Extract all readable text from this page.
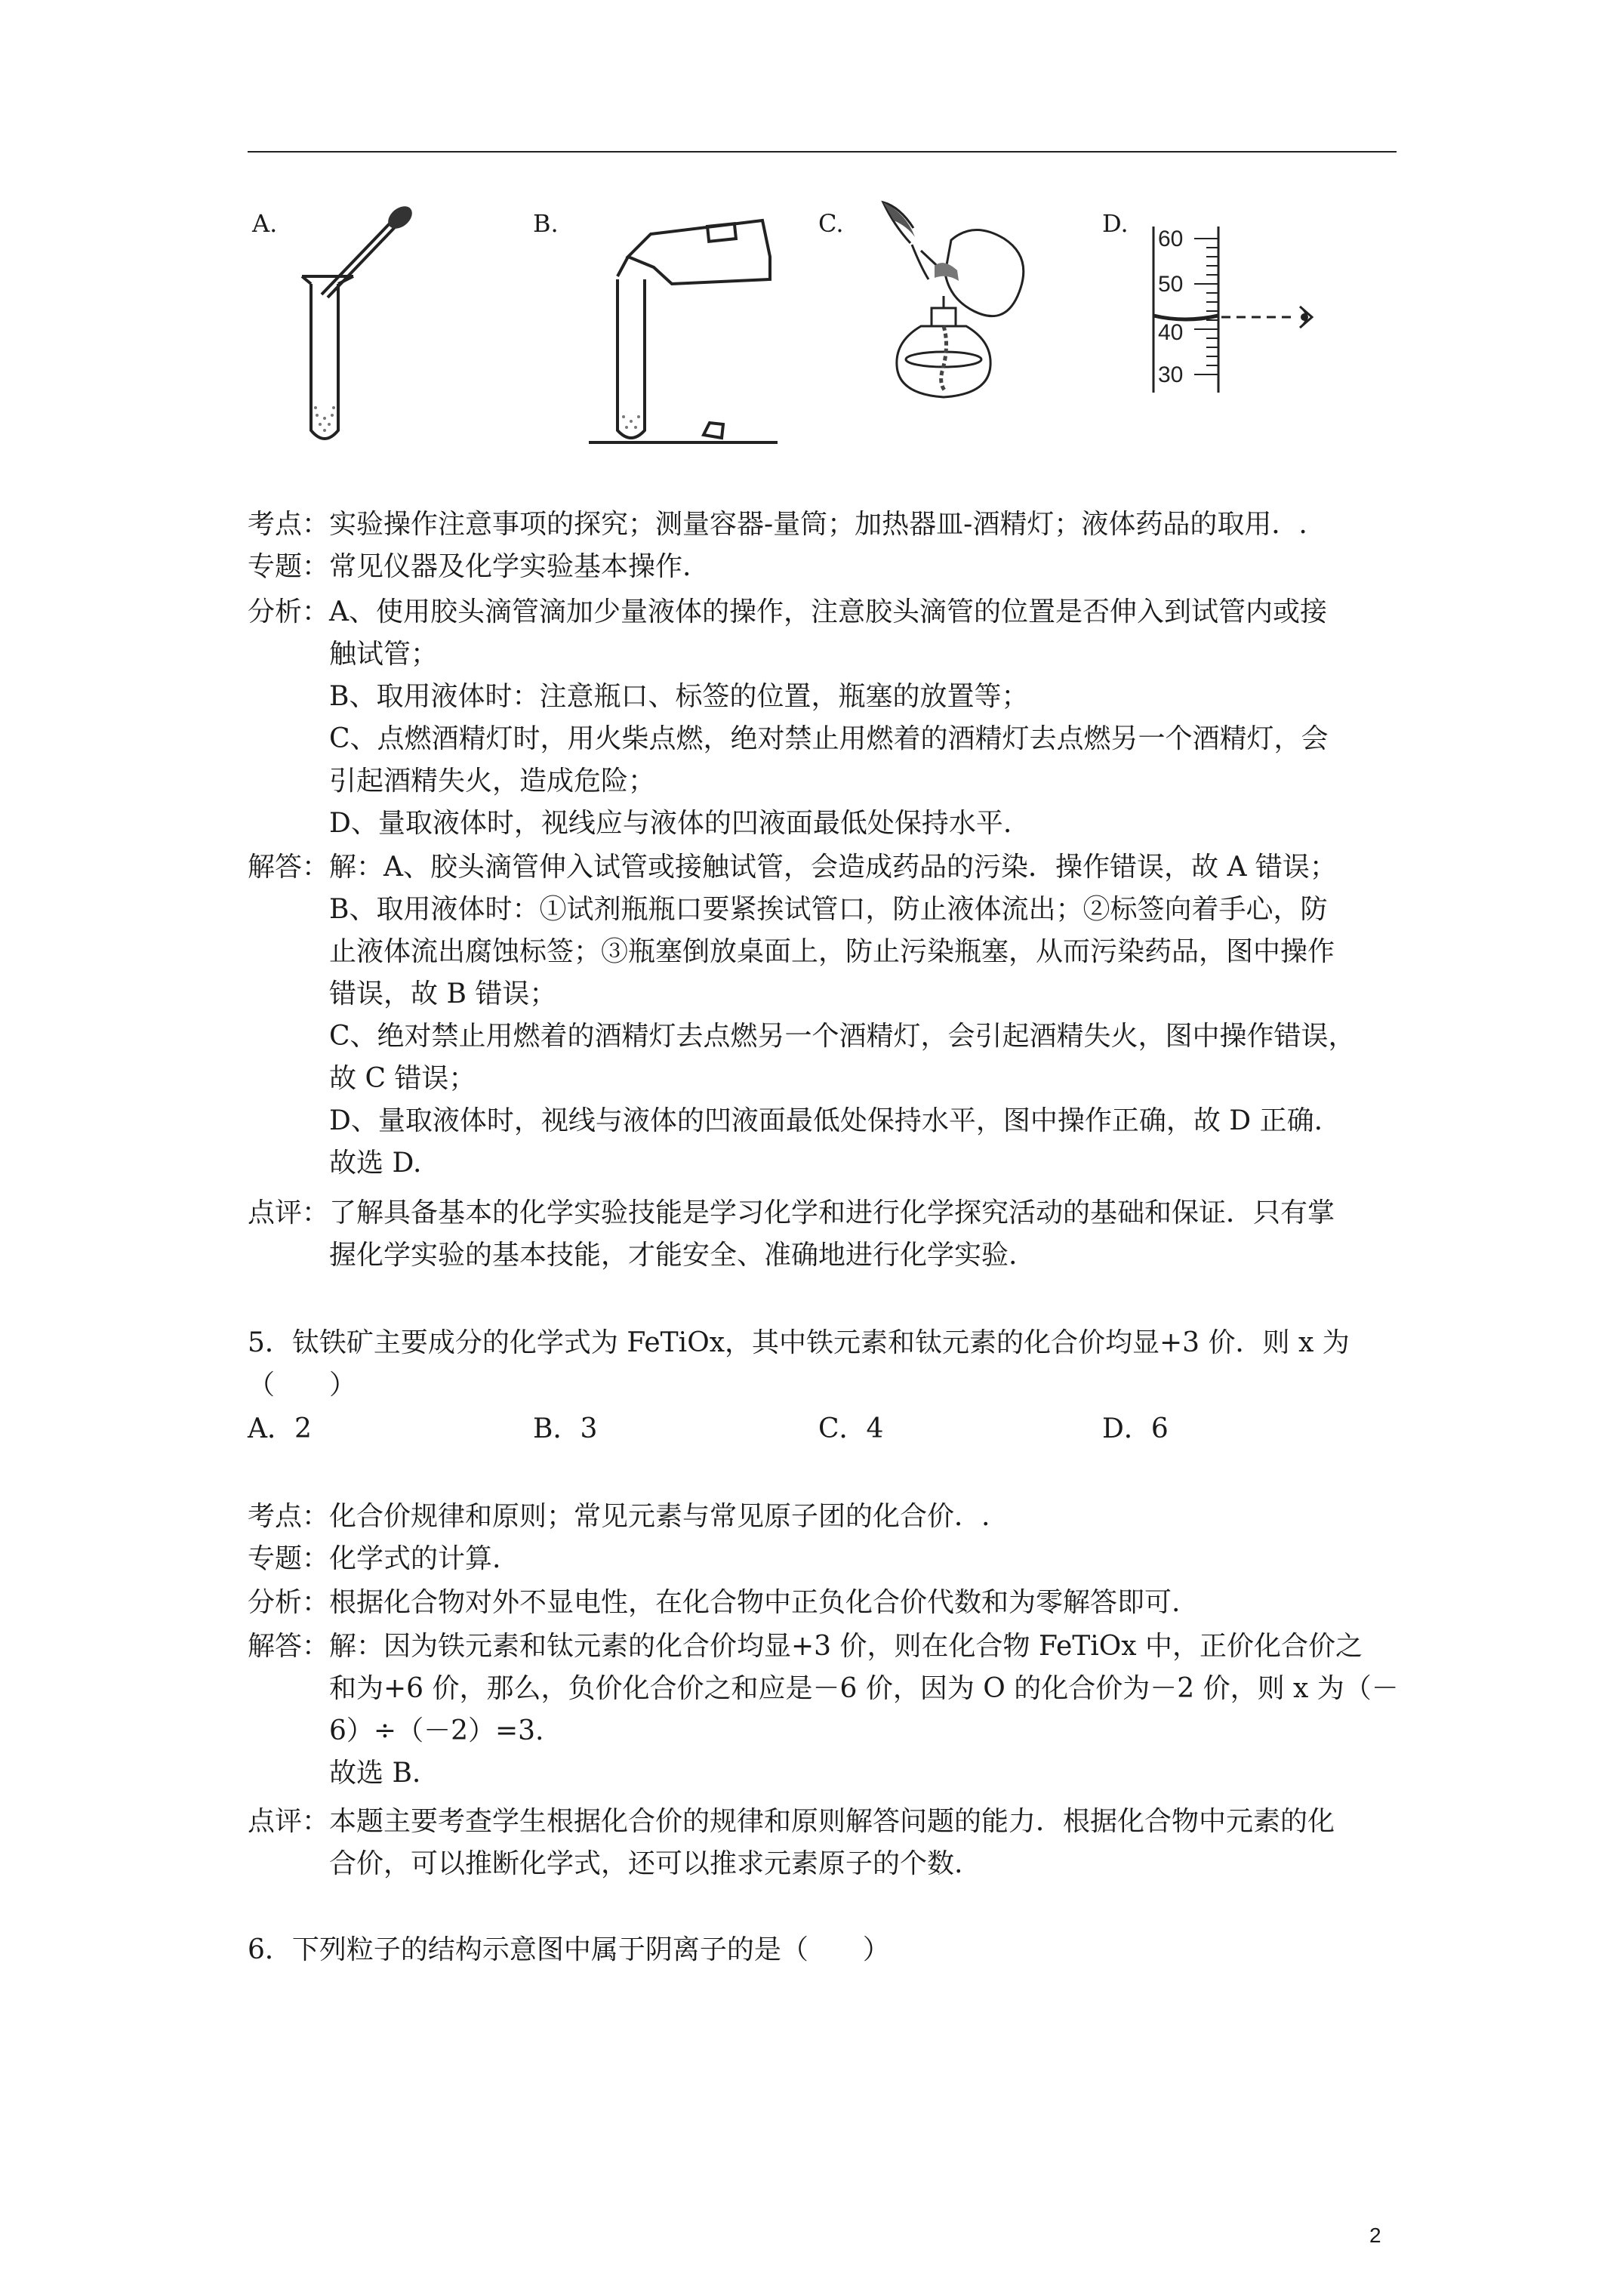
A.	B.	C.	D.
60
50
40
30
考点：实验操作注意事项的探究；测量容器-量筒；加热器皿-酒精灯；液体药品的取用．.
专题：常见仪器及化学实验基本操作.
分析：A、使用胶头滴管滴加少量液体的操作，注意胶头滴管的位置是否伸入到试管内或接
触试管；
B、取用液体时：注意瓶口、标签的位置，瓶塞的放置等；
C、点燃酒精灯时，用火柴点燃，绝对禁止用燃着的酒精灯去点燃另一个酒精灯，会
引起酒精失火，造成危险；
D、量取液体时，视线应与液体的凹液面最低处保持水平.
解答：解：A、胶头滴管伸入试管或接触试管，会造成药品的污染．操作错误，故 A 错误；
B、取用液体时：①试剂瓶瓶口要紧挨试管口，防止液体流出；②标签向着手心，防
止液体流出腐蚀标签；③瓶塞倒放桌面上，防止污染瓶塞，从而污染药品，图中操作
错误，故 B 错误；
C、绝对禁止用燃着的酒精灯去点燃另一个酒精灯，会引起酒精失火，图中操作错误，
故 C 错误；
D、量取液体时，视线与液体的凹液面最低处保持水平，图中操作正确，故 D 正确.
故选 D.
点评：了解具备基本的化学实验技能是学习化学和进行化学探究活动的基础和保证．只有掌
握化学实验的基本技能，才能安全、准确地进行化学实验.
5．钛铁矿主要成分的化学式为 FeTiOx，其中铁元素和钛元素的化合价均显+3 价．则 x 为
（　　）
A．2	B．3	C．4	D．6
考点：化合价规律和原则；常见元素与常见原子团的化合价．.
专题：化学式的计算.
分析：根据化合物对外不显电性，在化合物中正负化合价代数和为零解答即可.
解答：解：因为铁元素和钛元素的化合价均显+3 价，则在化合物 FeTiOx 中，正价化合价之
和为+6 价，那么，负价化合价之和应是－6 价，因为 O 的化合价为－2 价，则 x 为（－
6）÷（－2）=3.
故选 B.
点评：本题主要考查学生根据化合价的规律和原则解答问题的能力．根据化合物中元素的化
合价，可以推断化学式，还可以推求元素原子的个数.
6．下列粒子的结构示意图中属于阴离子的是（　　）
2
